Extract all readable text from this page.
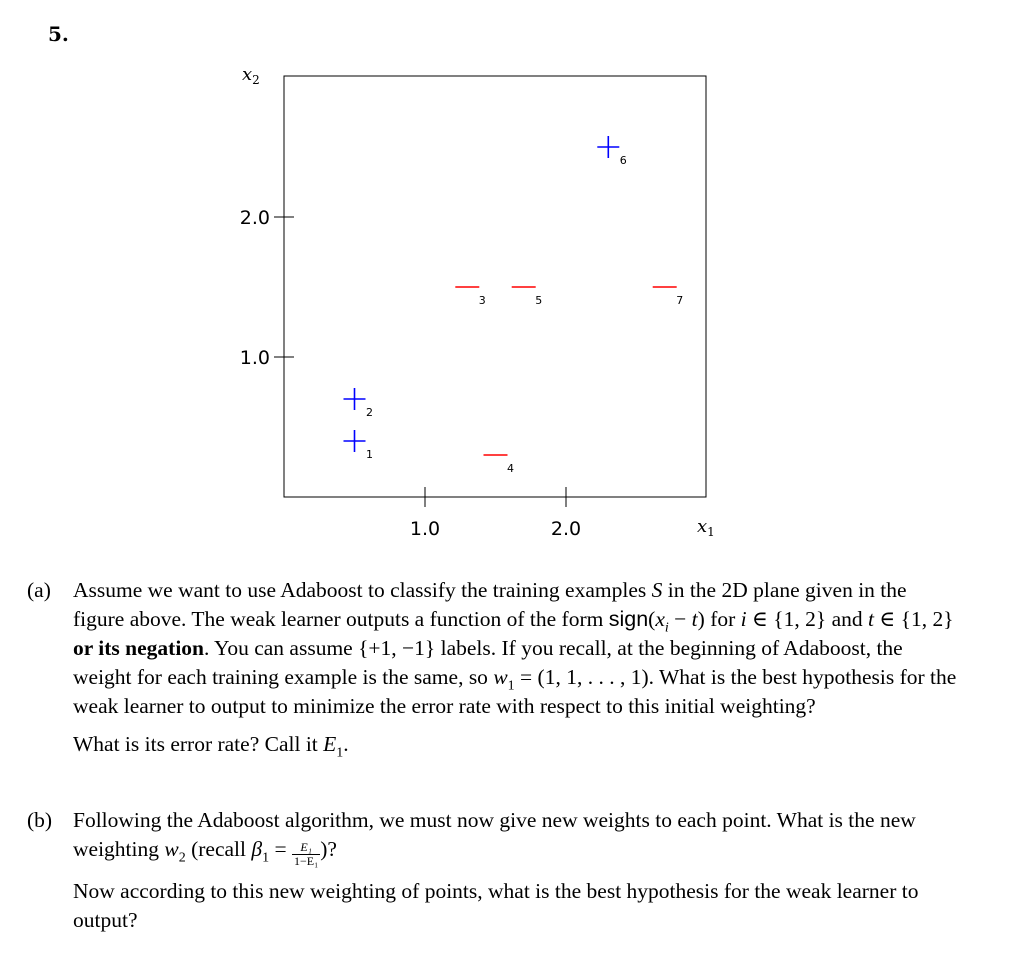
5.
1.0	2.0
1.0
2.0
$x_2$
$x_1$
1
2
3
4
5
6
7
(a) Assume we want to use Adaboost to classify the training examples S in the 2D plane given in the figure above. The weak learner outputs a function of the form $sign(x_i - t)$ for i ∈ {1, 2} and t ∈ {1, 2} or its negation. You can assume {+1, −1} labels. If you recall, at the beginning of Adaboost, the weight for each training example is the same, so $w_1 = (1$, 1, . . . , 1). What is the best hypothesis for the weak learner to output to minimize the error rate with respect to this initial weighting?

What is its error rate? Call it $E_1$.

(b) Following the Adaboost algorithm, we must now give new weights to each point. What is the new weighting $w_2$ (recall $\beta_1 = \frac{\text{E₁}}{\text{1−E₁}}$ )?

Now according to this new weighting of points, what is the best hypothesis for the weak learner to output?
